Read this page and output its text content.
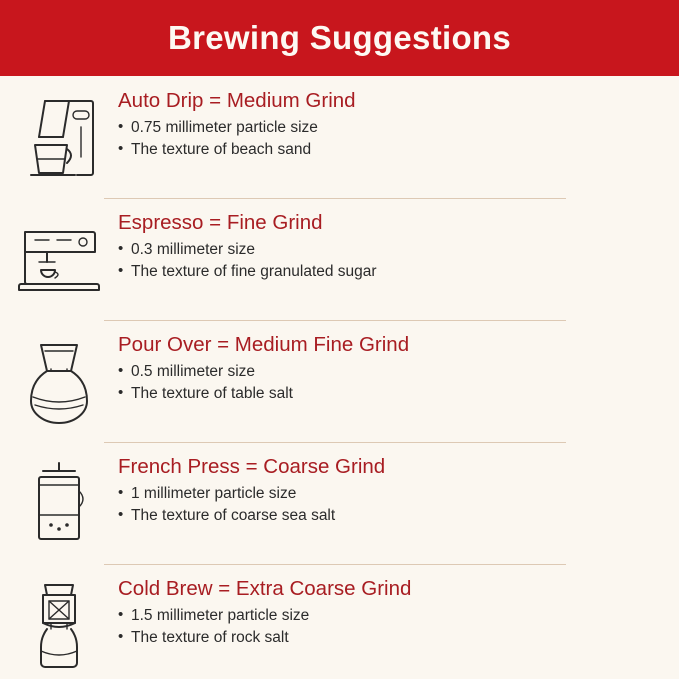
Brewing Suggestions
Auto Drip = Medium Grind
• 0.75 millimeter particle size
• The texture of beach sand
Espresso = Fine Grind
• 0.3 millimeter size
• The texture of fine granulated sugar
Pour Over = Medium Fine Grind
• 0.5 millimeter size
• The texture of table salt
French Press = Coarse Grind
• 1 millimeter particle size
• The texture of coarse sea salt
Cold Brew = Extra Coarse Grind
• 1.5 millimeter particle size
• The texture of rock salt
